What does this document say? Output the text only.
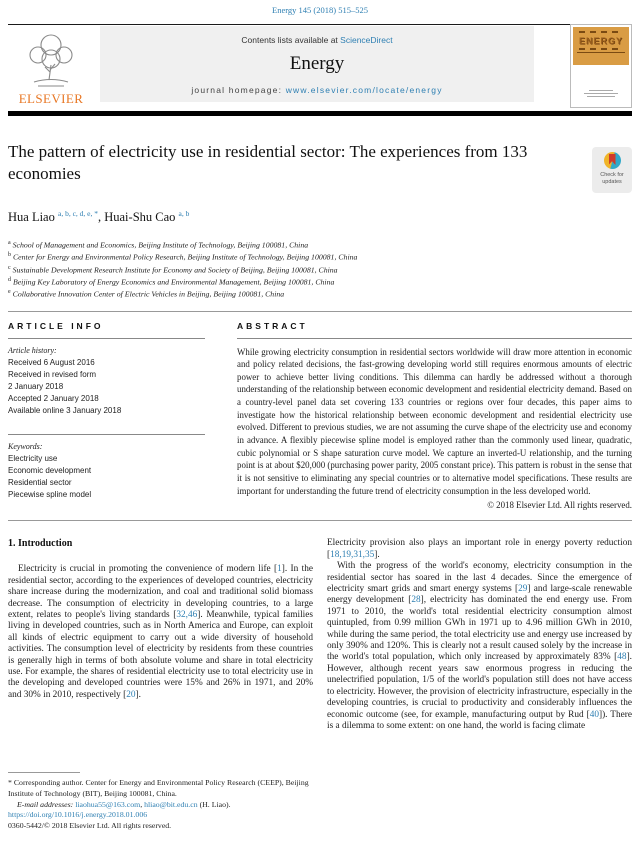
Energy 145 (2018) 515–525
ELSEVIER
Contents lists available at ScienceDirect
Energy
journal homepage: www.elsevier.com/locate/energy
ENERGY
The pattern of electricity use in residential sector: The experiences from 133 economies	Check for updates
Hua Liao $^{a, b, c, d, e, *}$, Huai-Shu Cao $^{a, b}$
$^a$ School of Management and Economics, Beijing Institute of Technology, Beijing 100081, China
$^b$ Center for Energy and Environmental Policy Research, Beijing Institute of Technology, Beijing 100081, China
$^c$ Sustainable Development Research Institute for Economy and Society of Beijing, Beijing 100081, China
$^d$ Beijing Key Laboratory of Energy Economics and Environmental Management, Beijing 100081, China
$^e$ Collaborative Innovation Center of Electric Vehicles in Beijing, Beijing 100081, China
ARTICLE INFO
Article history:
Received 6 August 2016
Received in revised form
2 January 2018
Accepted 2 January 2018
Available online 3 January 2018
Keywords:
Electricity use
Economic development
Residential sector
Piecewise spline model
ABSTRACT

While growing electricity consumption in residential sectors worldwide will draw more attention in economic and policy related decisions, the fast-growing developing world still requires enormous amounts of electric power to achieve better living conditions. This dilemma can hardly be addressed without a thorough understanding of the relationship between economic development and residential electricity demand. Based on a country-level panel data set covering 133 countries or regions over four decades, this paper aims to investigate how the historical relationship between economic development and residential electricity use evolved. Different to previous studies, we are not assuming the curve shape of the electricity use and economy in advance. A flexibly piecewise spline model is employed rather than the commonly used linear, quadratic, cubic polynomial or S shape saturation curve model. We capture an inverted-U relationship, and the turning point is at about $20,000 (purchasing power parity, 2005 constant price). This pattern is robust in the sense that it is not sensitive to eliminating any special countries or to alternative model specifications. These results are important for understanding the future trend of electricity consumption in the less developed world.

© 2018 Elsevier Ltd. All rights reserved.
1. Introduction

Electricity is crucial in promoting the convenience of modern life [1]. In the residential sector, according to the experiences of developed countries, electricity share increase during the modernization, and coal and traditional solid biomass decrease. The consumption of electricity in developing countries, to a large extent, relates to people's living standards [32,46]. Meanwhile, typical families living in developed countries, such as in North America and Europe, can exploit all kinds of electric equipment to carry out a wide diversity of household activities. The consumption level of electricity by residents from these countries is generally high in terms of both absolute volume and share in total electricity use. For example, the shares of residential electricity use to total electricity use in the developing and developed countries were 15% and 26% in 1971, and 20% and 30% in 2010, respectively [20].

Electricity provision also plays an important role in energy poverty reduction [18,19,31,35].

With the progress of the world's economy, electricity consumption in the residential sector has soared in the last 4 decades. Since the emergence of electricity smart grids and smart energy systems [29] and large-scale renewable energy development [28], electricity has dominated the end energy use. From 1971 to 2010, the world's total residential electricity consumption almost quintupled, from 0.99 million GWh in 1971 up to 4.96 million GWh in 2010, while during the same period, the total electricity use and energy use increased by only 390% and 120%. This is clearly not a result caused solely by the increase in the world's total population, which only increased by approximately 83% [48]. However, although recent years saw enormous progress in reducing the unelectrified population, 1/5 of the world's population still does not have access to electricity. However, the provision of electricity infrastructure, especially in the developing countries, is crucial to productivity and considerably influences the economic outcome (see, for example, manufacturing output by Rud [40]). There is a dilemma to some extent: on one hand, the world is facing climate

* Corresponding author. Center for Energy and Environmental Policy Research (CEEP), Beijing Institute of Technology (BIT), Beijing 100081, China.
E-mail addresses: liaohua55@163.com, hliao@bit.edu.cn (H. Liao).
https://doi.org/10.1016/j.energy.2018.01.006
0360-5442/© 2018 Elsevier Ltd. All rights reserved.
